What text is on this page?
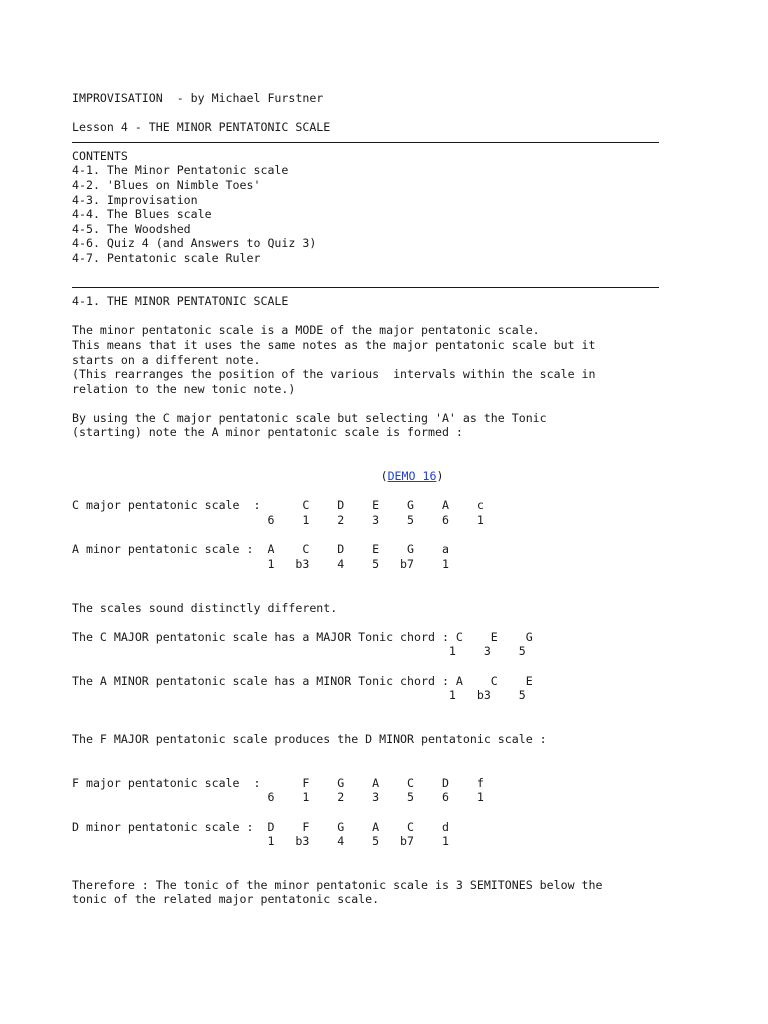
IMPROVISATION  - by Michael Furstner
Lesson 4 - THE MINOR PENTATONIC SCALE
CONTENTS
4-1. The Minor Pentatonic scale
4-2. 'Blues on Nimble Toes'
4-3. Improvisation
4-4. The Blues scale
4-5. The Woodshed
4-6. Quiz 4 (and Answers to Quiz 3)
4-7. Pentatonic scale Ruler
4-1. THE MINOR PENTATONIC SCALE
The minor pentatonic scale is a MODE of the major pentatonic scale.
This means that it uses the same notes as the major pentatonic scale but it
starts on a different note.
(This rearranges the position of the various  intervals within the scale in
relation to the new tonic note.)
By using the C major pentatonic scale but selecting 'A' as the Tonic
(starting) note the A minor pentatonic scale is formed :
(DEMO 16)
C major pentatonic scale  :      C    D    E    G    A    c
6    1    2    3    5    6    1
A minor pentatonic scale :  A    C    D    E    G    a
1   b3    4    5   b7    1
The scales sound distinctly different.
The C MAJOR pentatonic scale has a MAJOR Tonic chord : C    E    G
1    3    5
The A MINOR pentatonic scale has a MINOR Tonic chord : A    C    E
1   b3    5
The F MAJOR pentatonic scale produces the D MINOR pentatonic scale :
F major pentatonic scale  :      F    G    A    C    D    f
6    1    2    3    5    6    1
D minor pentatonic scale :  D    F    G    A    C    d
1   b3    4    5   b7    1
Therefore : The tonic of the minor pentatonic scale is 3 SEMITONES below the
tonic of the related major pentatonic scale.
